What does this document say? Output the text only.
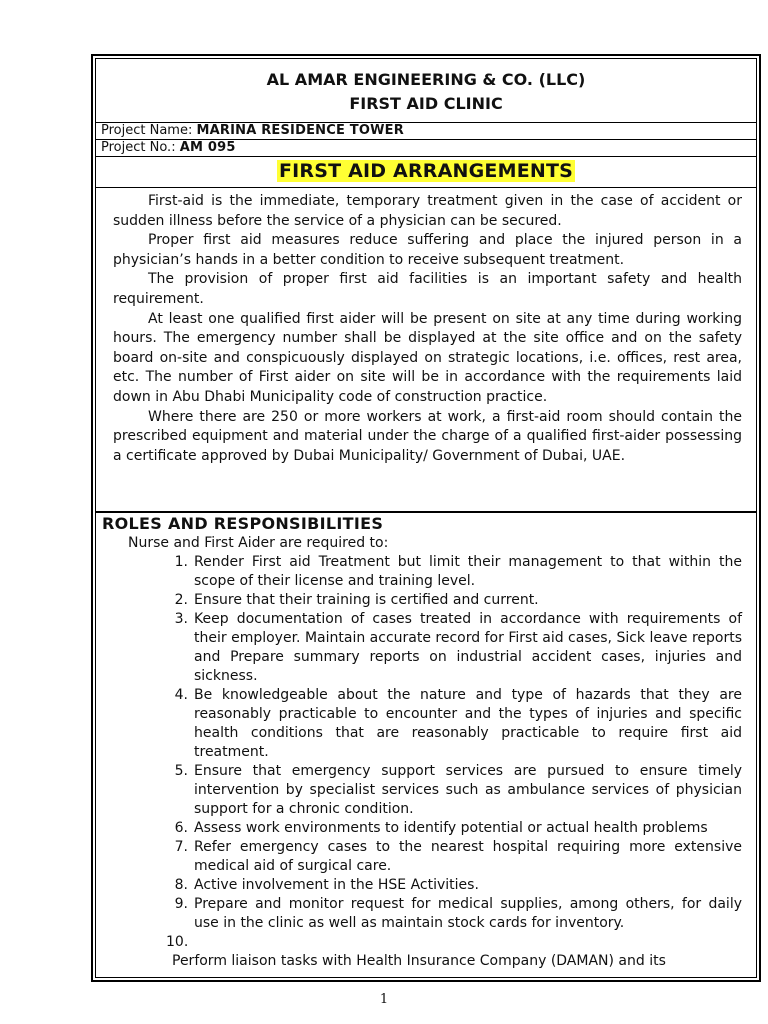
AL AMAR ENGINEERING & CO. (LLC)
FIRST AID CLINIC
Project Name: MARINA RESIDENCE TOWER
Project No.: AM 095
FIRST AID ARRANGEMENTS

First-aid is the immediate, temporary treatment given in the case of accident or sudden illness before the service of a physician can be secured.

Proper first aid measures reduce suffering and place the injured person in a physician’s hands in a better condition to receive subsequent treatment.

The provision of proper first aid facilities is an important safety and health requirement.

At least one qualified first aider will be present on site at any time during working hours. The emergency number shall be displayed at the site office and on the safety board on-site and conspicuously displayed on strategic locations, i.e. offices, rest area, etc. The number of First aider on site will be in accordance with the requirements laid down in Abu Dhabi Municipality code of construction practice.

Where there are 250 or more workers at work, a first-aid room should contain the prescribed equipment and material under the charge of a qualified first-aider possessing a certificate approved by Dubai Municipality/ Government of Dubai, UAE.

ROLES AND RESPONSIBILITIES
Nurse and First Aider are required to:
1. Render First aid Treatment but limit their management to that within the scope of their license and training level.
2. Ensure that their training is certified and current.
3. Keep documentation of cases treated in accordance with requirements of their employer. Maintain accurate record for First aid cases, Sick leave reports and Prepare summary reports on industrial accident cases, injuries and sickness.
4. Be knowledgeable about the nature and type of hazards that they are reasonably practicable to encounter and the types of injuries and specific health conditions that are reasonably practicable to require first aid treatment.
5. Ensure that emergency support services are pursued to ensure timely intervention by specialist services such as ambulance services of physician support for a chronic condition.
6. Assess work environments to identify potential or actual health problems
7. Refer emergency cases to the nearest hospital requiring more extensive medical aid of surgical care.
8. Active involvement in the HSE Activities.
9. Prepare and monitor request for medical supplies, among others, for daily use in the clinic as well as maintain stock cards for inventory.
10.
Perform liaison tasks with Health Insurance Company (DAMAN) and its
1
